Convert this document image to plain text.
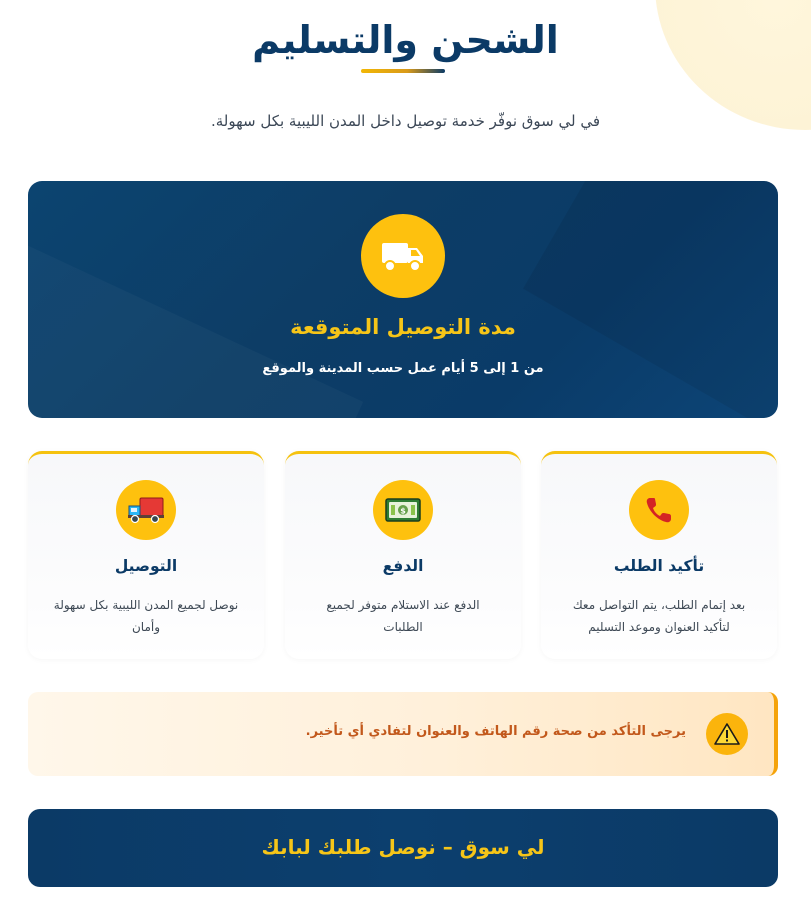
الشحن والتسليم

في لي سوق نوفّر خدمة توصيل داخل المدن الليبية بكل سهولة.

مدة التوصيل المتوقعة

من 1 إلى 5 أيام عمل حسب المدينة والموقع

تأكيد الطلب

بعد إتمام الطلب، يتم التواصل معك لتأكيد العنوان وموعد التسليم

$
الدفع

الدفع عند الاستلام متوفر لجميع الطلبات

التوصيل

نوصل لجميع المدن الليبية بكل سهولة وأمان

يرجى التأكد من صحة رقم الهاتف والعنوان لتفادي أي تأخير.

لي سوق – نوصل طلبك لبابك
